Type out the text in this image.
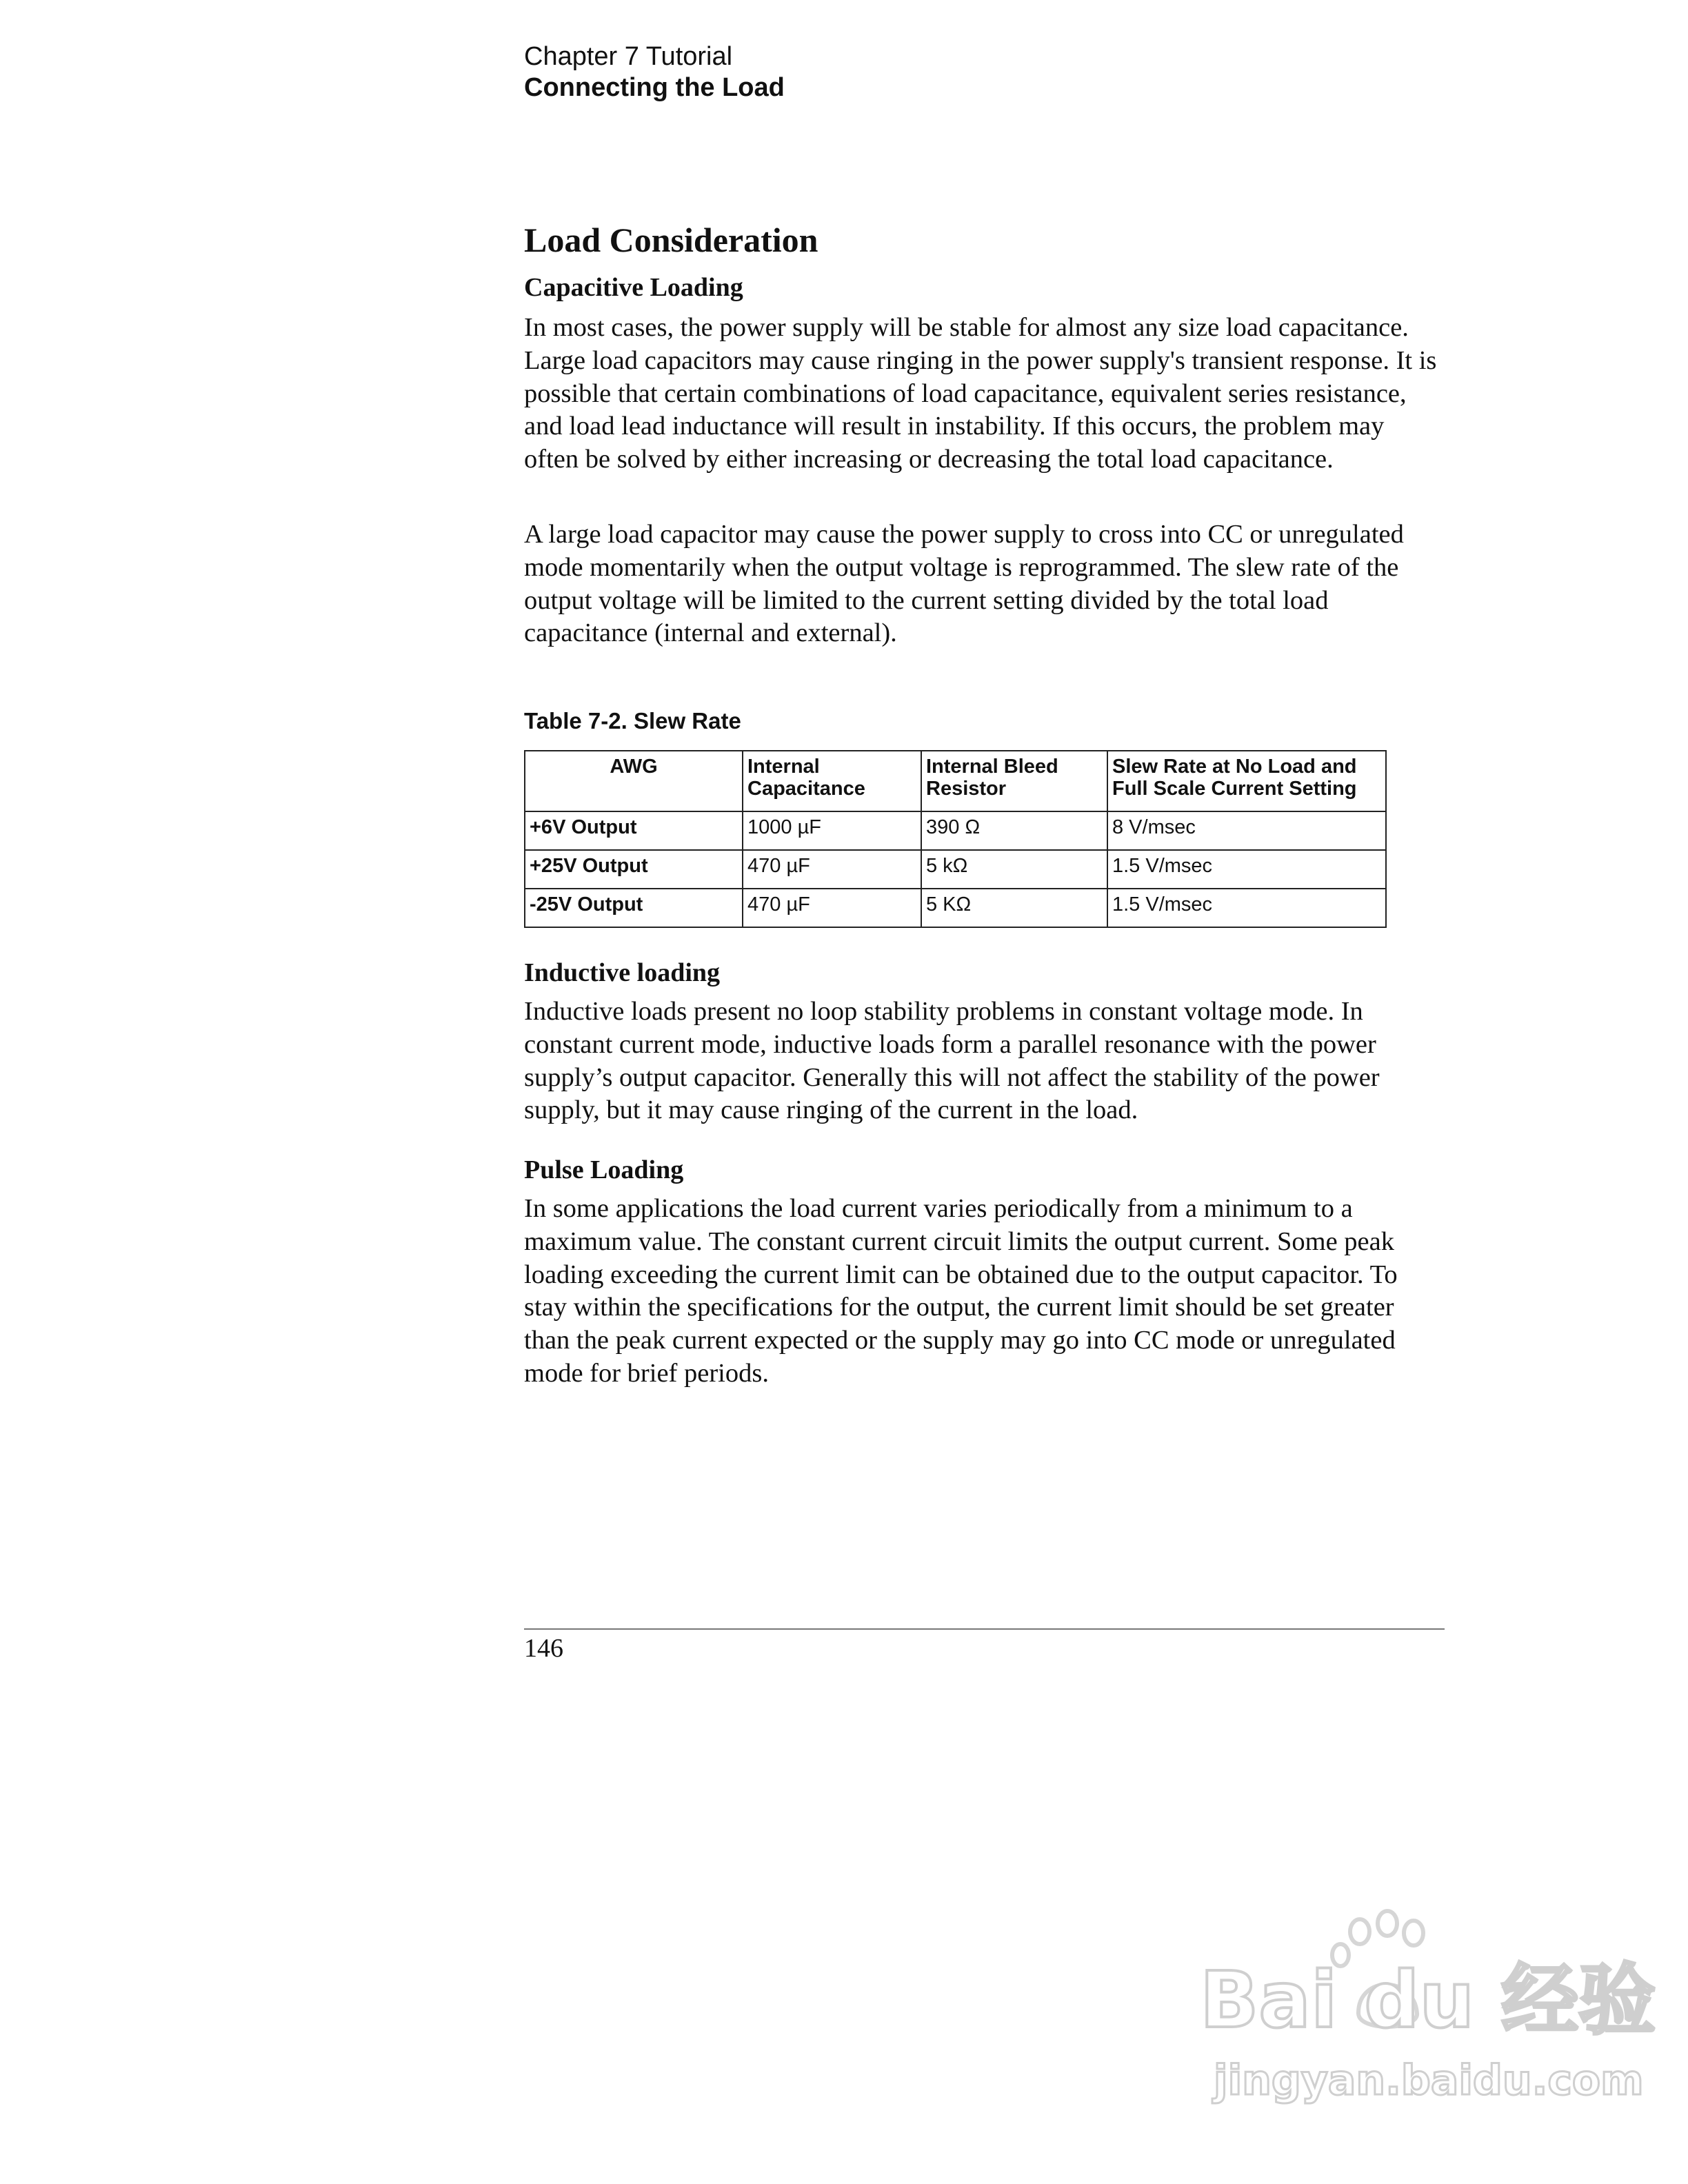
Chapter 7 Tutorial
Connecting the Load
Load Consideration
Capacitive Loading

In most cases, the power supply will be stable for almost any size load capacitance. Large load capacitors may cause ringing in the power supply's transient response. It is possible that certain combinations of load capacitance, equivalent series resistance, and load lead inductance will result in instability. If this occurs, the problem may often be solved by either increasing or decreasing the total load capacitance.

A large load capacitor may cause the power supply to cross into CC or unregulated mode momentarily when the output voltage is reprogrammed. The slew rate of the output voltage will be limited to the current setting divided by the total load capacitance (internal and external).

Table 7-2. Slew Rate
AWG	Internal Capacitance	Internal Bleed Resistor	Slew Rate at No Load and Full Scale Current Setting
+6V Output	1000 µF	390 Ω	8 V/msec
+25V Output	470 µF	5 kΩ	1.5 V/msec
-25V Output	470 µF	5 KΩ	1.5 V/msec
Inductive loading

Inductive loads present no loop stability problems in constant voltage mode. In constant current mode, inductive loads form a parallel resonance with the power supply’s output capacitor. Generally this will not affect the stability of the power supply, but it may cause ringing of the current in the load.

Pulse Loading

In some applications the load current varies periodically from a minimum to a maximum value. The constant current circuit limits the output current. Some peak loading exceeding the current limit can be obtained due to the output capacitor. To stay within the specifications for the output, the current limit should be set greater than the peak current expected or the supply may go into CC mode or unregulated mode for brief periods.

146
Bai du 经验
jingyan.baidu.com
